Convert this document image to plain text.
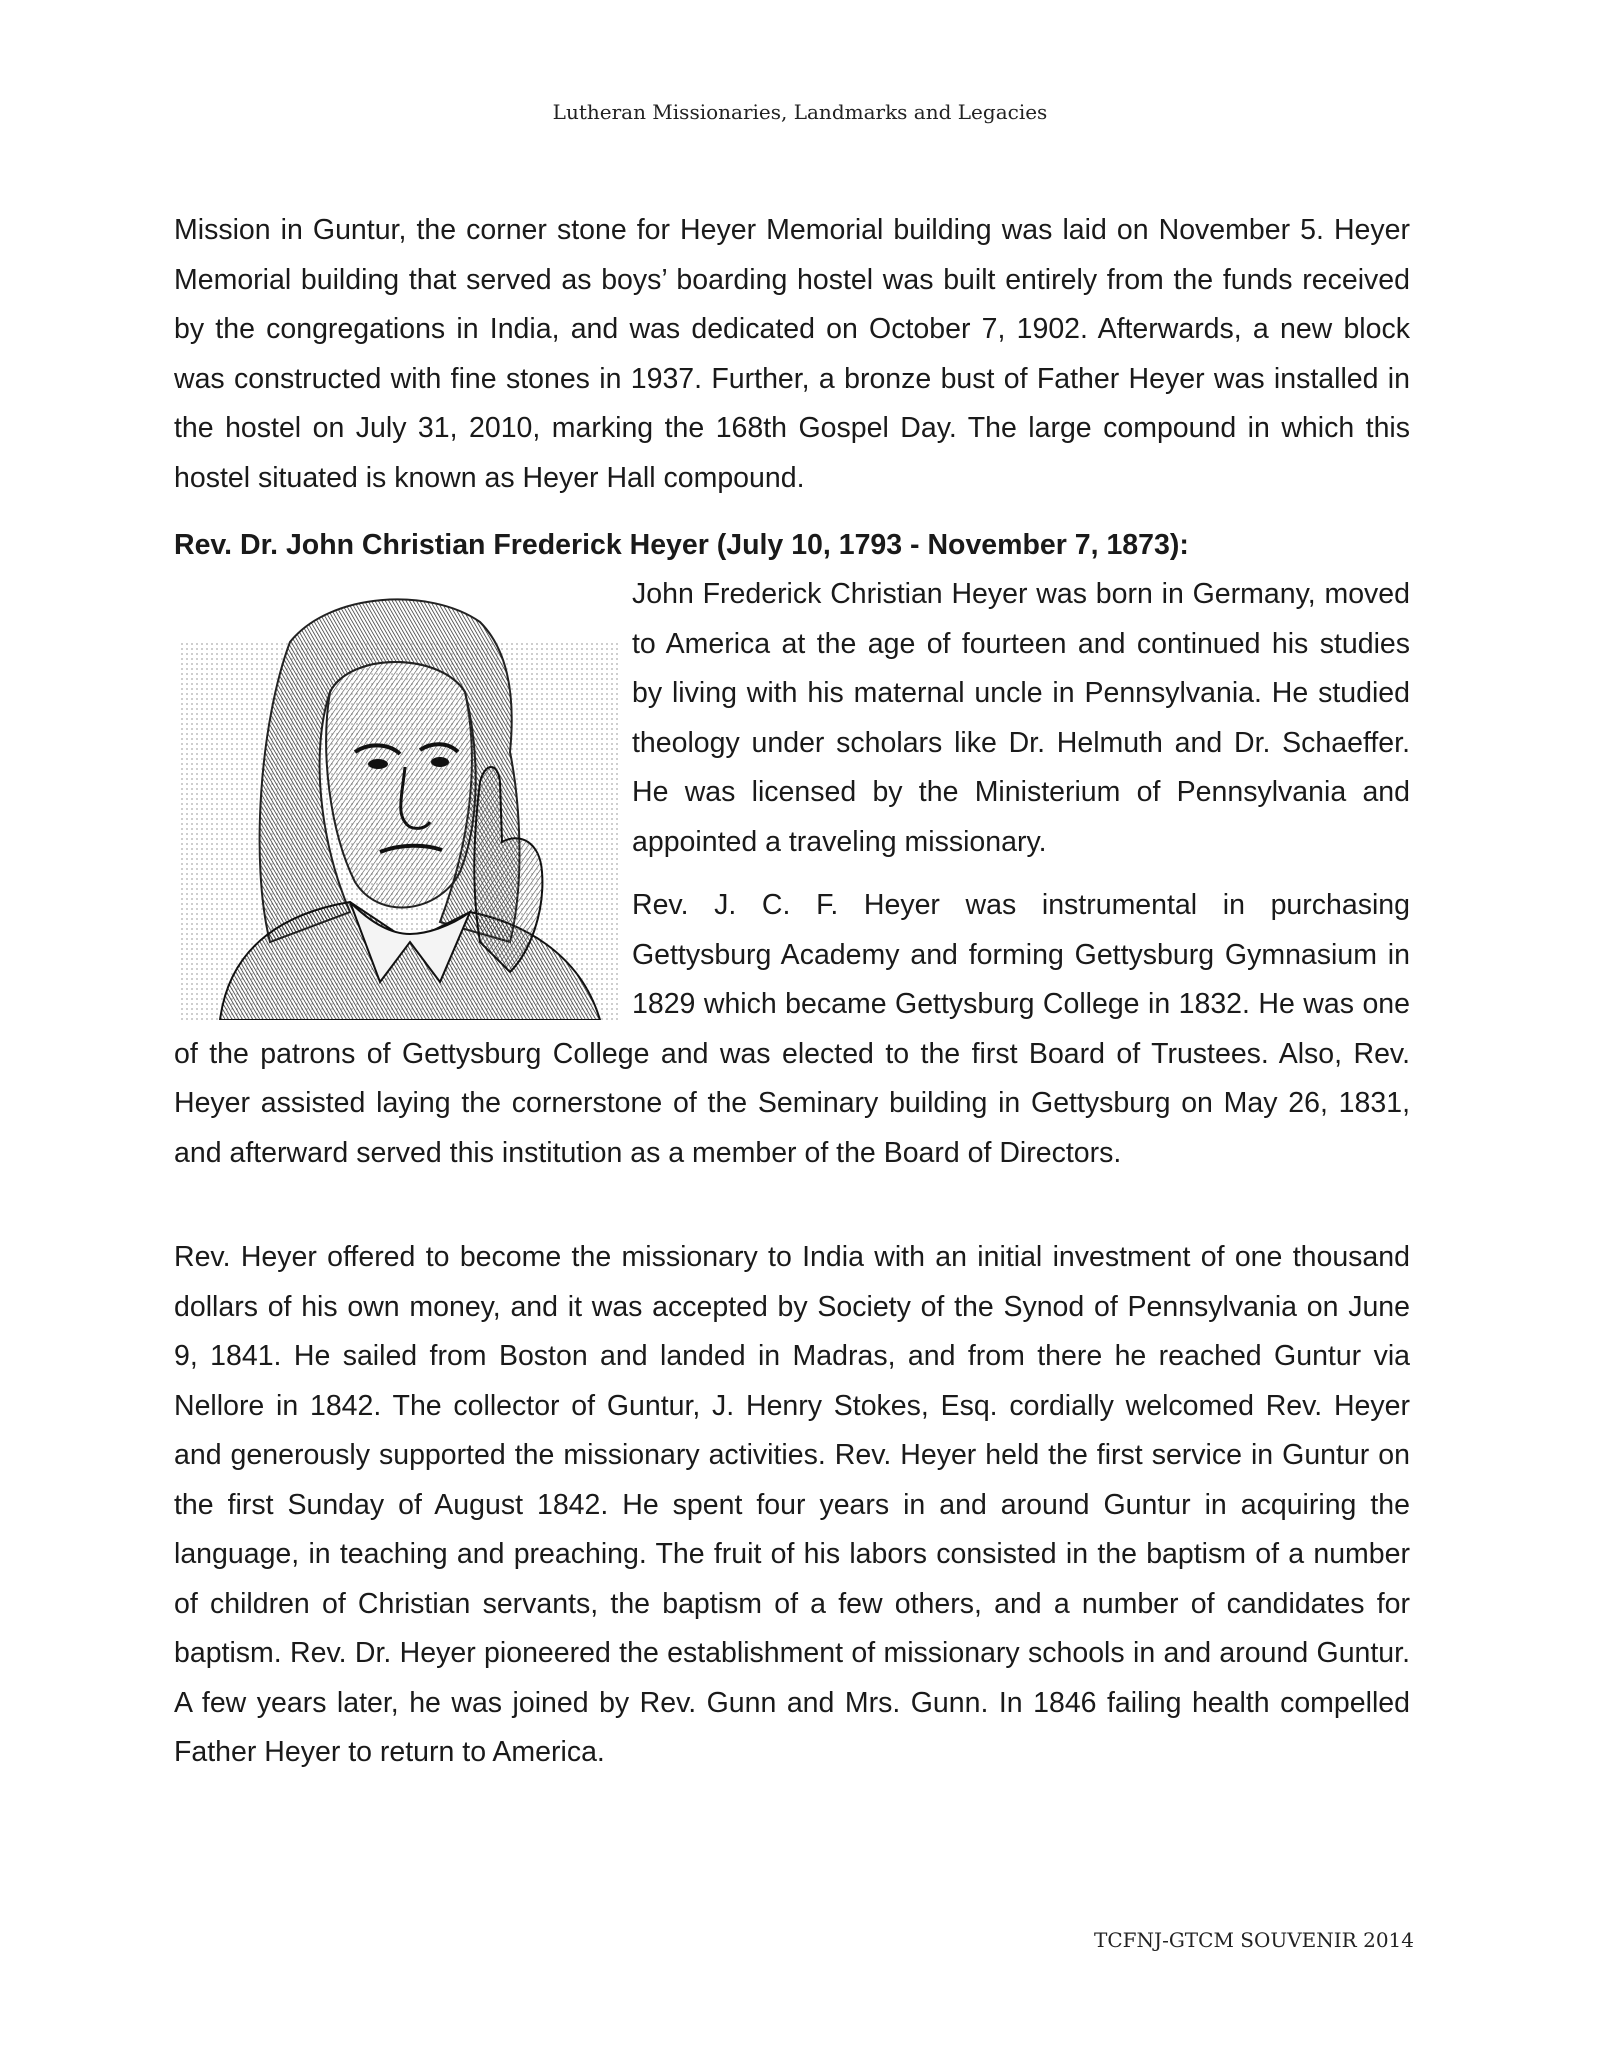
Lutheran Missionaries, Landmarks and Legacies

Mission in Guntur, the corner stone for Heyer Memorial building was laid on November 5. Heyer Memorial building that served as boys’ boarding hostel was built entirely from the funds received by the congregations in India, and was dedicated on October 7, 1902. Afterwards, a new block was constructed with fine stones in 1937. Further, a bronze bust of Father Heyer was installed in the hostel on July 31, 2010, marking the 168th Gospel Day. The large compound in which this hostel situated is known as Heyer Hall compound.

Rev. Dr. John Christian Frederick Heyer (July 10, 1793 - November 7, 1873):

John Frederick Christian Heyer was born in Germany, moved to America at the age of fourteen and continued his studies by living with his maternal uncle in Pennsylvania. He studied theology under scholars like Dr. Helmuth and Dr. Schaeffer. He was licensed by the Ministerium of Pennsylvania and appointed a traveling missionary.

Rev. J. C. F. Heyer was instrumental in purchasing Gettysburg Academy and forming Gettysburg Gymnasium in 1829 which became Gettysburg College in 1832. He was one of the patrons of Gettysburg College and was elected to the first Board of Trustees. Also, Rev. Heyer assisted laying the cornerstone of the Seminary building in Gettysburg on May 26, 1831, and afterward served this institution as a member of the Board of Directors.

Rev. Heyer offered to become the missionary to India with an initial investment of one thousand dollars of his own money, and it was accepted by Society of the Synod of Pennsylvania on June 9, 1841. He sailed from Boston and landed in Madras, and from there he reached Guntur via Nellore in 1842. The collector of Guntur, J. Henry Stokes, Esq. cordially welcomed Rev. Heyer and generously supported the missionary activities. Rev. Heyer held the first service in Guntur on the first Sunday of August 1842. He spent four years in and around Guntur in acquiring the language, in teaching and preaching. The fruit of his labors consisted in the baptism of a number of children of Christian servants, the baptism of a few others, and a number of candidates for baptism. Rev. Dr. Heyer pioneered the establishment of missionary schools in and around Guntur. A few years later, he was joined by Rev. Gunn and Mrs. Gunn. In 1846 failing health compelled Father Heyer to return to America.

TCFNJ-GTCM SOUVENIR 2014
